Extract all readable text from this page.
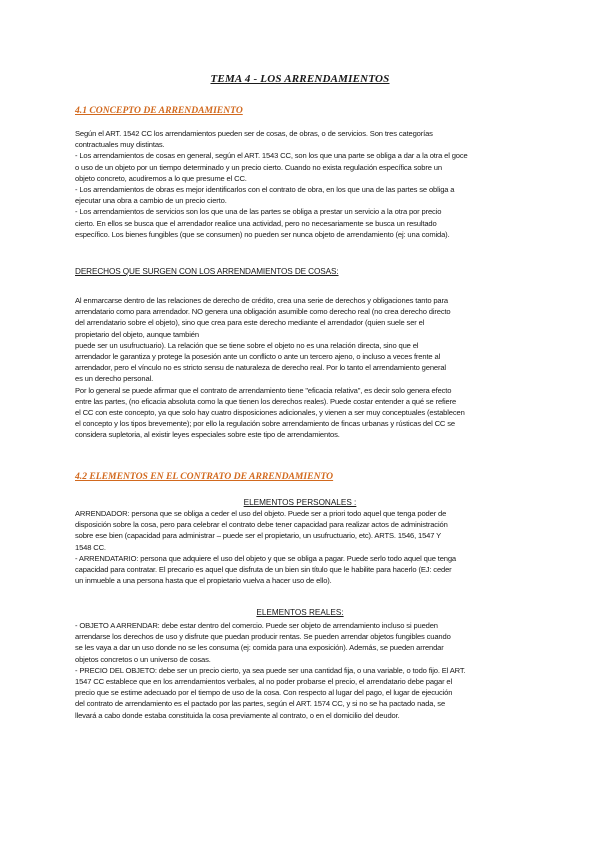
TEMA 4 - LOS ARRENDAMIENTOS
4.1 CONCEPTO DE ARRENDAMIENTO
Según el ART. 1542 CC los arrendamientos pueden ser de cosas, de obras, o de servicios. Son tres categorías
contractuales muy distintas.
- Los arrendamientos de cosas en general, según el ART. 1543 CC, son los que una parte se obliga a dar a la otra el goce
o uso de un objeto por un tiempo determinado y un precio cierto. Cuando no exista regulación específica sobre un
objeto concreto, acudiremos a lo que presume el CC.
- Los arrendamientos de obras es mejor identificarlos con el contrato de obra, en los que una de las partes se obliga a
ejecutar una obra a cambio de un precio cierto.
- Los arrendamientos de servicios son los que una de las partes se obliga a prestar un servicio a la otra por precio
cierto. En ellos se busca que el arrendador realice una actividad, pero no necesariamente se busca un resultado
específico. Los bienes fungibles (que se consumen) no pueden ser nunca objeto de arrendamiento (ej: una comida).
DERECHOS QUE SURGEN CON LOS ARRENDAMIENTOS DE COSAS:
Al enmarcarse dentro de las relaciones de derecho de crédito, crea una serie de derechos y obligaciones tanto para
arrendatario como para arrendador. NO genera una obligación asumible como derecho real (no crea derecho directo
del arrendatario sobre el objeto), sino que crea para este derecho mediante el arrendador (quien suele ser el
propietario del objeto, aunque también
puede ser un usufructuario). La relación que se tiene sobre el objeto no es una relación directa, sino que el
arrendador le garantiza y protege la posesión ante un conflicto o ante un tercero ajeno, o incluso a veces frente al
arrendador, pero el vínculo no es stricto sensu de naturaleza de derecho real. Por lo tanto el arrendamiento general
es un derecho personal.
Por lo general se puede afirmar que el contrato de arrendamiento tiene "eficacia relativa", es decir solo genera efecto
entre las partes, (no eficacia absoluta como la que tienen los derechos reales). Puede costar entender a qué se refiere
el CC con este concepto, ya que solo hay cuatro disposiciones adicionales, y vienen a ser muy conceptuales (establecen
el concepto y los tipos brevemente); por ello la regulación sobre arrendamiento de fincas urbanas y rústicas del CC se
considera supletoria, al existir leyes especiales sobre este tipo de arrendamientos.
4.2 ELEMENTOS EN EL CONTRATO DE ARRENDAMIENTO
ELEMENTOS PERSONALES :
ARRENDADOR: persona que se obliga a ceder el uso del objeto. Puede ser a priori todo aquel que tenga poder de
disposición sobre la cosa, pero para celebrar el contrato debe tener capacidad para realizar actos de administración
sobre ese bien (capacidad para administrar – puede ser el propietario, un usufructuario, etc). ARTS. 1546, 1547 Y
1548 CC.
- ARRENDATARIO: persona que adquiere el uso del objeto y que se obliga a pagar. Puede serlo todo aquel que tenga
capacidad para contratar. El precario es aquel que disfruta de un bien sin título que le habilite para hacerlo (EJ: ceder
un inmueble a una persona hasta que el propietario vuelva a hacer uso de ello).
ELEMENTOS REALES:
- OBJETO A ARRENDAR: debe estar dentro del comercio. Puede ser objeto de arrendamiento incluso si pueden
arrendarse los derechos de uso y disfrute que puedan producir rentas. Se pueden arrendar objetos fungibles cuando
se les vaya a dar un uso donde no se les consuma (ej: comida para una exposición). Además, se pueden arrendar
objetos concretos o un universo de cosas.
- PRECIO DEL OBJETO: debe ser un precio cierto, ya sea puede ser una cantidad fija, o una variable, o todo fijo. El ART.
1547 CC establece que en los arrendamientos verbales, al no poder probarse el precio, el arrendatario debe pagar el
precio que se estime adecuado por el tiempo de uso de la cosa. Con respecto al lugar del pago, el lugar de ejecución
del contrato de arrendamiento es el pactado por las partes, según el ART. 1574 CC, y si no se ha pactado nada, se
llevará a cabo donde estaba constituida la cosa previamente al contrato, o en el domicilio del deudor.
